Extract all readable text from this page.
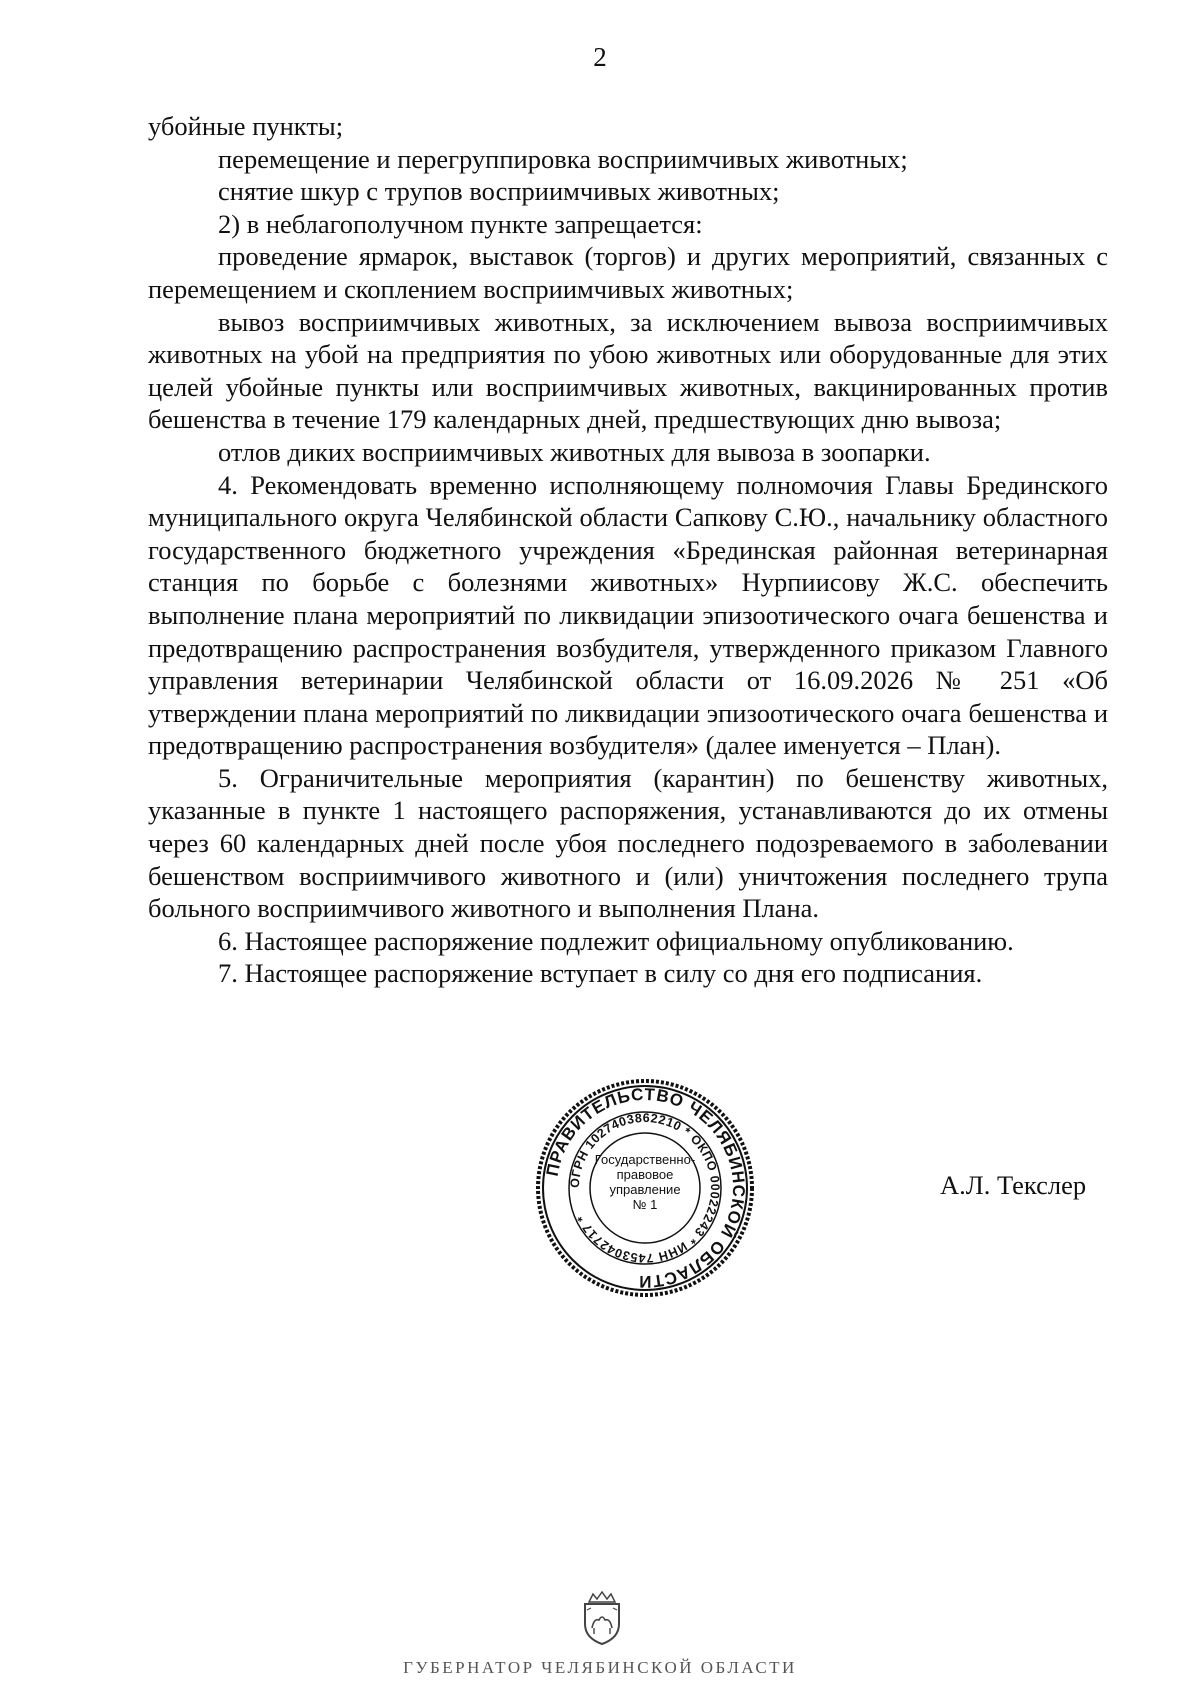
2

убойные пункты;

перемещение и перегруппировка восприимчивых животных;

снятие шкур с трупов восприимчивых животных;

2) в неблагополучном пункте запрещается:

проведение ярмарок, выставок (торгов) и других мероприятий, связанных с перемещением и скоплением восприимчивых животных;

вывоз восприимчивых животных, за исключением вывоза восприимчивых животных на убой на предприятия по убою животных или оборудованные для этих целей убойные пункты или восприимчивых животных, вакцинированных против бешенства в течение 179 календарных дней, предшествующих дню вывоза;

отлов диких восприимчивых животных для вывоза в зоопарки.

4. Рекомендовать временно исполняющему полномочия Главы Брединского муниципального округа Челябинской области Сапкову С.Ю., начальнику областного государственного бюджетного учреждения «Брединская районная ветеринарная станция по борьбе с болезнями животных» Нурпиисову Ж.С. обеспечить выполнение плана мероприятий по ликвидации эпизоотического очага бешенства и предотвращению распространения возбудителя, утвержденного приказом Главного управления ветеринарии Челябинской области от 16.09.2026 № 251 «Об утверждении плана мероприятий по ликвидации эпизоотического очага бешенства и предотвращению распространения возбудителя» (далее именуется – План).

5. Ограничительные мероприятия (карантин) по бешенству животных, указанные в пункте 1 настоящего распоряжения, устанавливаются до их отмены через 60 календарных дней после убоя последнего подозреваемого в заболевании бешенством восприимчивого животного и (или) уничтожения последнего трупа больного восприимчивого животного и выполнения Плана.

6. Настоящее распоряжение подлежит официальному опубликованию.

7. Настоящее распоряжение вступает в силу со дня его подписания.

ПРАВИТЕЛЬСТВО ЧЕЛЯБИНСКОЙ ОБЛАСТИ
ОГРН 1027403862210 * ОКПО 00022243 * ИНН 7453042717 *
Государственно-
правовое
управление
№ 1
А.Л. Текслер
ГУБЕРНАТОР ЧЕЛЯБИНСКОЙ ОБЛАСТИ
